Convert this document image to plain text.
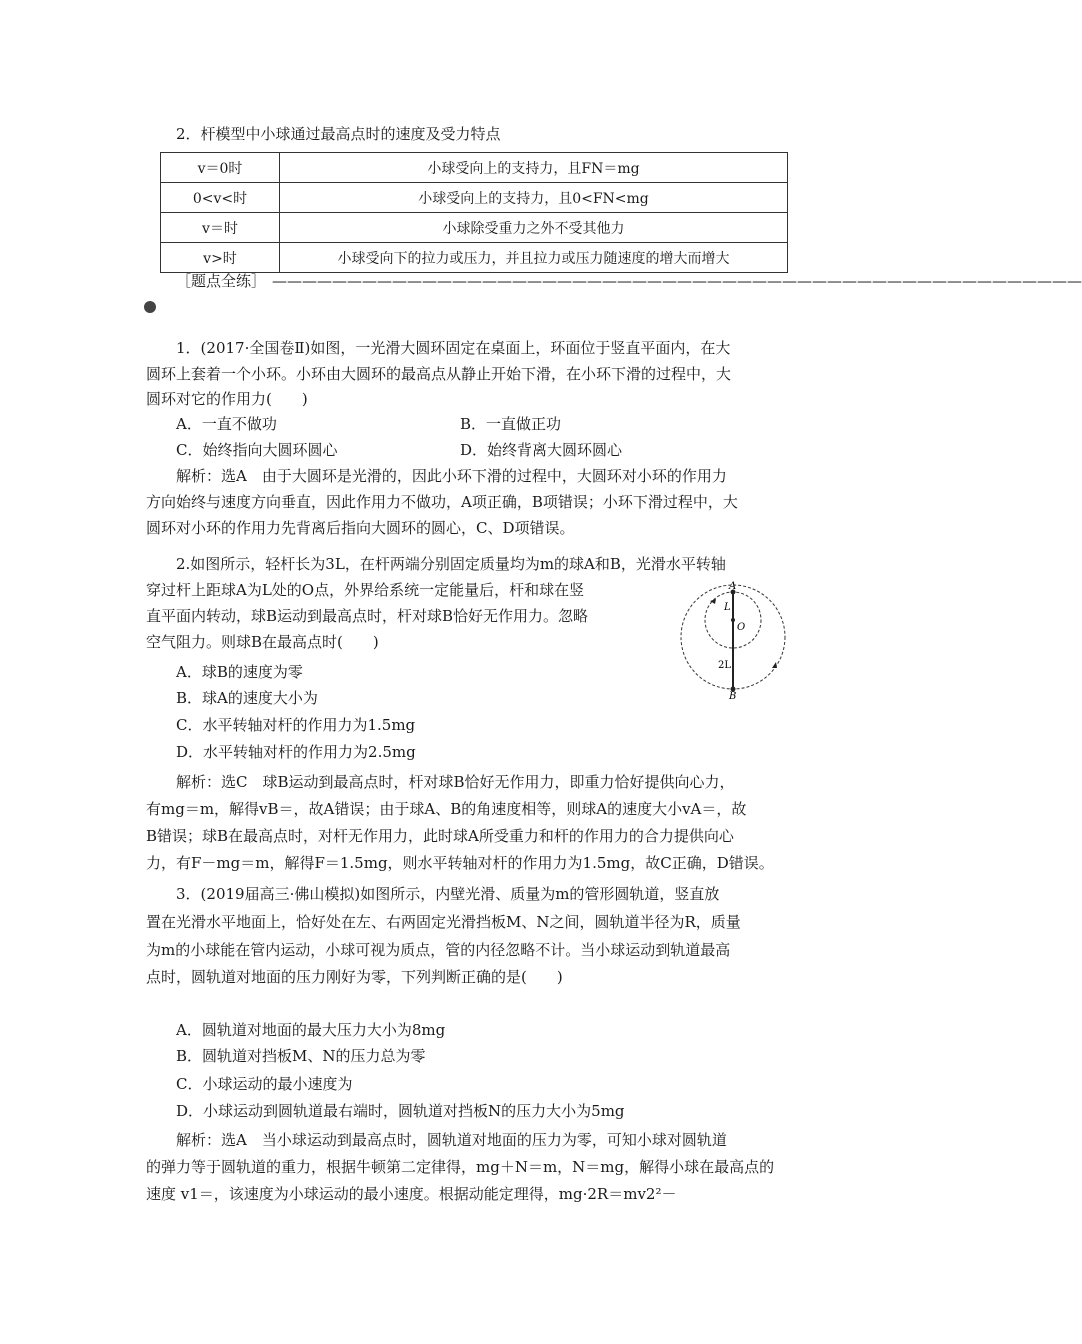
2．杆模型中小球通过最高点时的速度及受力特点
v＝0时	小球受向上的支持力，且FN＝mg
0<v<时	小球受向上的支持力，且0<FN<mg
v＝时	小球除受重力之外不受其他力
v>时	小球受向下的拉力或压力，并且拉力或压力随速度的增大而增大
［题点全练］ ——————————————————————————————————————————————————————
1．(2017·全国卷Ⅱ)如图，一光滑大圆环固定在桌面上，环面位于竖直平面内，在大
圆环上套着一个小环。小环由大圆环的最高点从静止开始下滑，在小环下滑的过程中，大
圆环对它的作用力(　　)
A．一直不做功	B．一直做正功
C．始终指向大圆环圆心	D．始终背离大圆环圆心
解析：选A　由于大圆环是光滑的，因此小环下滑的过程中，大圆环对小环的作用力
方向始终与速度方向垂直，因此作用力不做功，A项正确，B项错误；小环下滑过程中，大
圆环对小环的作用力先背离后指向大圆环的圆心，C、D项错误。
2.如图所示，轻杆长为3L，在杆两端分别固定质量均为m的球A和B，光滑水平转轴
穿过杆上距球A为L处的O点，外界给系统一定能量后，杆和球在竖
直平面内转动，球B运动到最高点时，杆对球B恰好无作用力。忽略
空气阻力。则球B在最高点时(　　)
A．球B的速度为零
B．球A的速度大小为
C．水平转轴对杆的作用力为1.5mg
D．水平转轴对杆的作用力为2.5mg
A
L
O
2L
B
解析：选C　球B运动到最高点时，杆对球B恰好无作用力，即重力恰好提供向心力，
有mg＝m，解得vB＝，故A错误；由于球A、B的角速度相等，则球A的速度大小vA＝，故
B错误；球B在最高点时，对杆无作用力，此时球A所受重力和杆的作用力的合力提供向心
力，有F－mg＝m，解得F＝1.5mg，则水平转轴对杆的作用力为1.5mg，故C正确，D错误。
3．(2019届高三·佛山模拟)如图所示，内壁光滑、质量为m的管形圆轨道，竖直放
置在光滑水平地面上，恰好处在左、右两固定光滑挡板M、N之间，圆轨道半径为R，质量
为m的小球能在管内运动，小球可视为质点，管的内径忽略不计。当小球运动到轨道最高
点时，圆轨道对地面的压力刚好为零，下列判断正确的是(　　)
A．圆轨道对地面的最大压力大小为8mg
B．圆轨道对挡板M、N的压力总为零
C．小球运动的最小速度为
D．小球运动到圆轨道最右端时，圆轨道对挡板N的压力大小为5mg
解析：选A　当小球运动到最高点时，圆轨道对地面的压力为零，可知小球对圆轨道
的弹力等于圆轨道的重力，根据牛顿第二定律得，mg＋N＝m，N＝mg，解得小球在最高点的
速度 v1＝，该速度为小球运动的最小速度。根据动能定理得，mg·2R＝mv2²－
